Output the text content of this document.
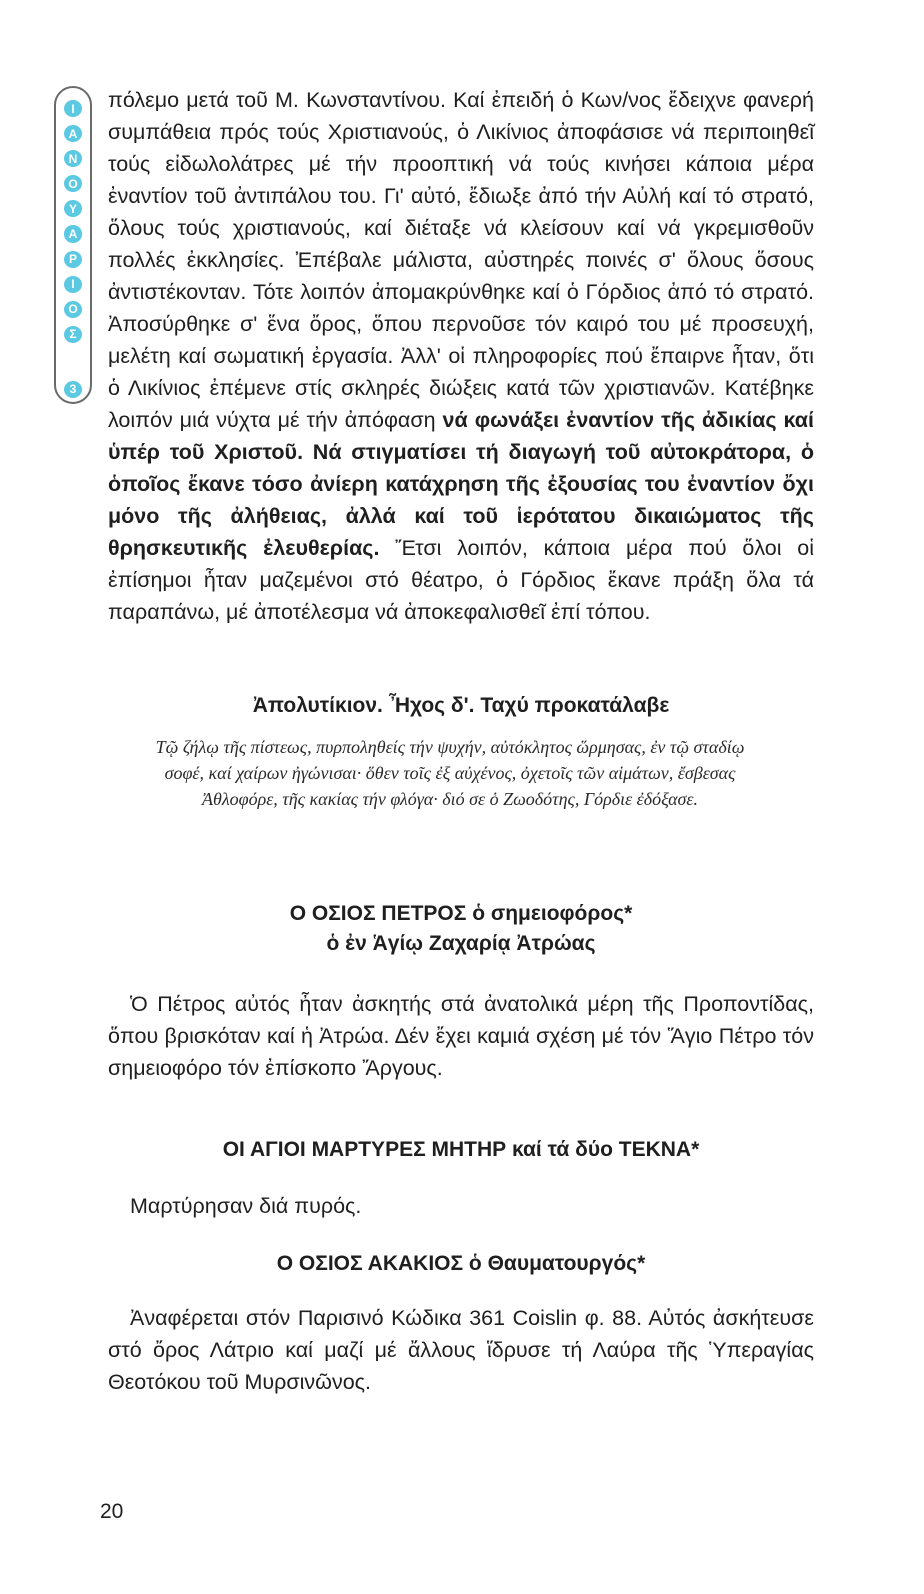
Ι
Α
Ν
Ο
Υ
Α
Ρ
Ι
Ο
Σ
3
πόλεμο μετά τοῦ Μ. Κωνσταντίνου. Καί ἐπειδή ὁ Κων/νος ἔδειχνε φανερή συμπάθεια πρός τούς Χριστιανούς, ὁ Λικίνιος ἀποφάσισε νά περιποιηθεῖ τούς εἰδωλολάτρες μέ τήν προοπτική νά τούς κινήσει κάποια μέρα ἐναντίον τοῦ ἀντιπάλου του. Γι' αὐτό, ἔδιωξε ἀπό τήν Αὐλή καί τό στρατό, ὅλους τούς χριστιανούς, καί διέταξε νά κλείσουν καί νά γκρεμισθοῦν πολλές ἐκκλησίες. Ἐπέβαλε μάλιστα, αὐστηρές ποινές σ' ὅλους ὅσους ἀντιστέκονταν. Τότε λοιπόν ἀπομακρύνθηκε καί ὁ Γόρδιος ἀπό τό στρατό. Ἀποσύρθηκε σ' ἕνα ὄρος, ὅπου περνοῦσε τόν καιρό του μέ προσευχή, μελέτη καί σωματική ἐργασία. Ἀλλ' οἱ πληροφορίες πού ἔπαιρνε ἦταν, ὅτι ὁ Λικίνιος ἐπέμενε στίς σκληρές διώξεις κατά τῶν χριστιανῶν. Κατέβηκε λοιπόν μιά νύχτα μέ τήν ἀπόφαση νά φωνάξει ἐναντίον τῆς ἀδικίας καί ὑπέρ τοῦ Χριστοῦ. Νά στιγματίσει τή διαγωγή τοῦ αὐτοκράτορα, ὁ ὁποῖος ἔκανε τόσο ἀνίερη κατάχρηση τῆς ἐξουσίας του ἐναντίον ὄχι μόνο τῆς ἀλήθειας, ἀλλά καί τοῦ ἱερότατου δικαιώματος τῆς θρησκευτικῆς ἐλευθερίας. Ἔτσι λοιπόν, κάποια μέρα πού ὅλοι οἱ ἐπίσημοι ἦταν μαζεμένοι στό θέατρο, ὁ Γόρδιος ἔκανε πράξη ὅλα τά παραπάνω, μέ ἀποτέλεσμα νά ἀποκεφαλισθεῖ ἐπί τόπου.
Ἀπολυτίκιον. Ἦχος δ'. Ταχύ προκατάλαβε
Τῷ ζήλῳ τῆς πίστεως, πυρποληθείς τήν ψυχήν, αὐτόκλητος ὥρμησας, ἐν τῷ σταδίῳ σοφέ, καί χαίρων ἠγώνισαι· ὅθεν τοῖς ἐξ αὐχένος, ὀχετοῖς τῶν αἱμάτων, ἔσβεσας Ἀθλοφόρε, τῆς κακίας τήν φλόγα· διό σε ὁ Ζωοδότης, Γόρδιε ἐδόξασε.
Ο ΟΣΙΟΣ ΠΕΤΡΟΣ ὁ σημειοφόρος*
ὁ ἐν Ἁγίῳ Ζαχαρίᾳ Ἀτρώας
Ὁ Πέτρος αὐτός ἦταν ἀσκητής στά ἀνατολικά μέρη τῆς Προποντίδας, ὅπου βρισκόταν καί ἡ Ἀτρώα. Δέν ἔχει καμιά σχέση μέ τόν Ἅγιο Πέτρο τόν σημειοφόρο τόν ἐπίσκοπο Ἄργους.
ΟΙ ΑΓΙΟΙ ΜΑΡΤΥΡΕΣ ΜΗΤΗΡ καί τά δύο ΤΕΚΝΑ*
Μαρτύρησαν διά πυρός.
Ο ΟΣΙΟΣ ΑΚΑΚΙΟΣ ὁ Θαυματουργός*
Ἀναφέρεται στόν Παρισινό Κώδικα 361 Coislin φ. 88. Αὐτός ἀσκήτευσε στό ὄρος Λάτριο καί μαζί μέ ἄλλους ἵδρυσε τή Λαύρα τῆς Ὑπεραγίας Θεοτόκου τοῦ Μυρσινῶνος.
20
